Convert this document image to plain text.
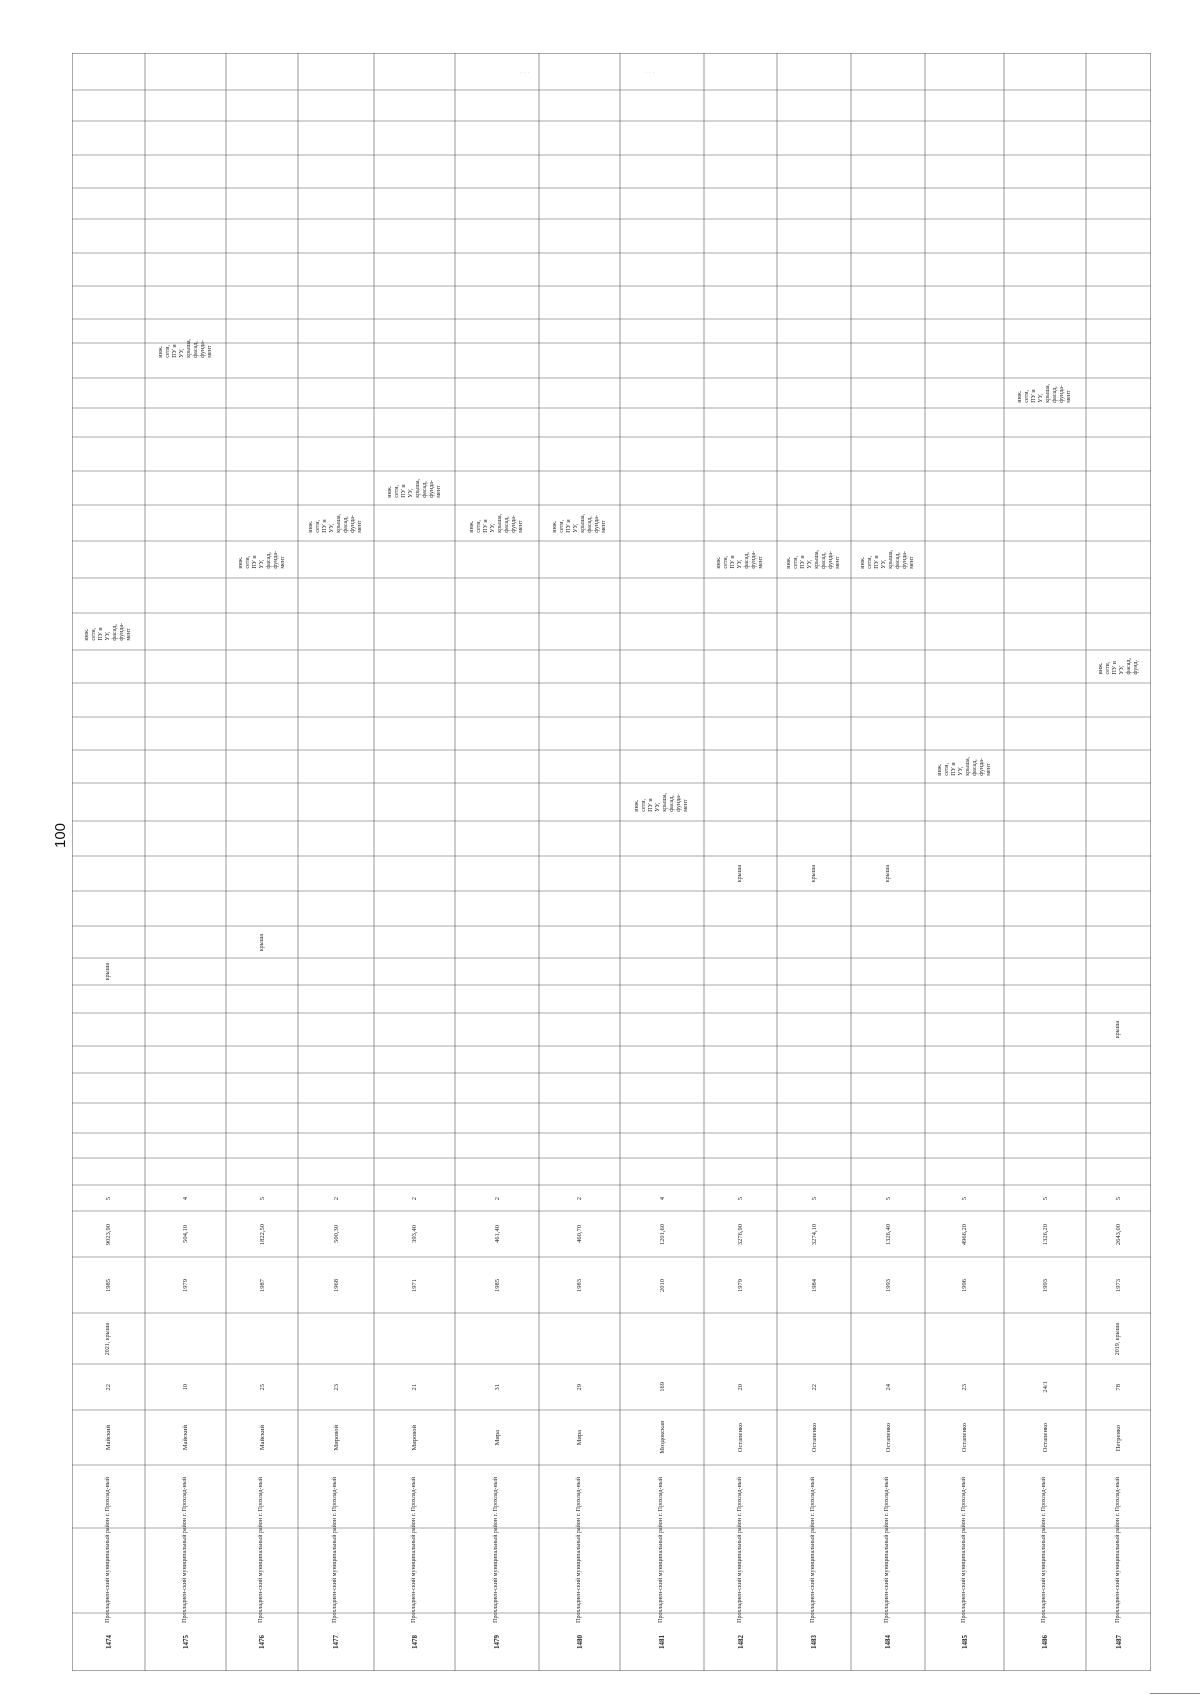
100
1474
Прохладнен-ский муниципальный район
г. Прохлад-ный
Майский
22
2021, крыша
1985
9023,90
5
1475
Прохладнен-ский муниципальный район
г. Прохлад-ный
Майский
10
1979
504,10
4
1476
Прохладнен-ский муниципальный район
г. Прохлад-ный
Майский
25
1987
1822,50
5
1477
Прохладнен-ский муниципальный район
г. Прохлад-ный
Мировой
23
1968
500,30
2
1478
Прохладнен-ский муниципальный район
г. Прохлад-ный
Мировой
21
1971
393,40
2
1479
Прохладнен-ский муниципальный район
г. Прохлад-ный
Мира
31
1985
461,40
2
1480
Прохладнен-ский муниципальный район
г. Прохлад-ный
Мира
29
1983
460,70
2
1481
Прохладнен-ский муниципальный район
г. Прохлад-ный
Моздокская
169
2010
1201,60
4
1482
Прохладнен-ский муниципальный район
г. Прохлад-ный
Остапенко
20
1979
3276,90
5
1483
Прохладнен-ский муниципальный район
г. Прохлад-ный
Остапенко
22
1984
3274,10
5
1484
Прохладнен-ский муниципальный район
г. Прохлад-ный
Остапенко
24
1993
1326,40
5
1485
Прохладнен-ский муниципальный район
г. Прохлад-ный
Остапенко
23
1996
4966,20
5
1486
Прохладнен-ский муниципальный район
г. Прохлад-ный
Остапенко
24/1
1993
1326,20
5
1487
Прохладнен-ский муниципальный район
г. Прохлад-ный
Петренко
78
2019, крыша
1973
2643,00
5
инж.
сети,
ПУ и
УУ,
фасад,
фунда-
мент
крыша
инж.
сети,
ПУ и
УУ,
крыша,
фасад,
фунда-
мент
инж.
сети,
ПУ и
УУ,
фасад,
фунда-
мент
крыша
инж.
сети,
ПУ и
УУ,
крыша,
фасад,
фунда-
мент
инж.
сети,
ПУ и
УУ,
крыша,
фасад,
фунда-
мент
инж.
сети,
ПУ и
УУ,
крыша,
фасад,
фунда-
мент	инж.
сети,
ПУ и
УУ,
крыша,
фасад,
фунда-
мент
инж.
сети,
ПУ и
УУ,
крыша,
фасад,
фунда-
мент
инж.
сети,
ПУ и
УУ,
фасад,
фунда-
мент
крыша
инж.
сети,
ПУ и
УУ,
крыша,
фасад,
фунда-
мент
крыша
инж.
сети,
ПУ и
УУ,
крыша,
фасад,
фунда-
мент
крыша
инж.
сети,
ПУ и
УУ,
крыша,
фасад,
фунда-
мент
инж.
сети,
ПУ и
УУ,
крыша,
фасад,
фунда-
мент
инж.
сети,
ПУ и
УУ,
фасад,
фунд.
крыша
· · ·	· · ·
